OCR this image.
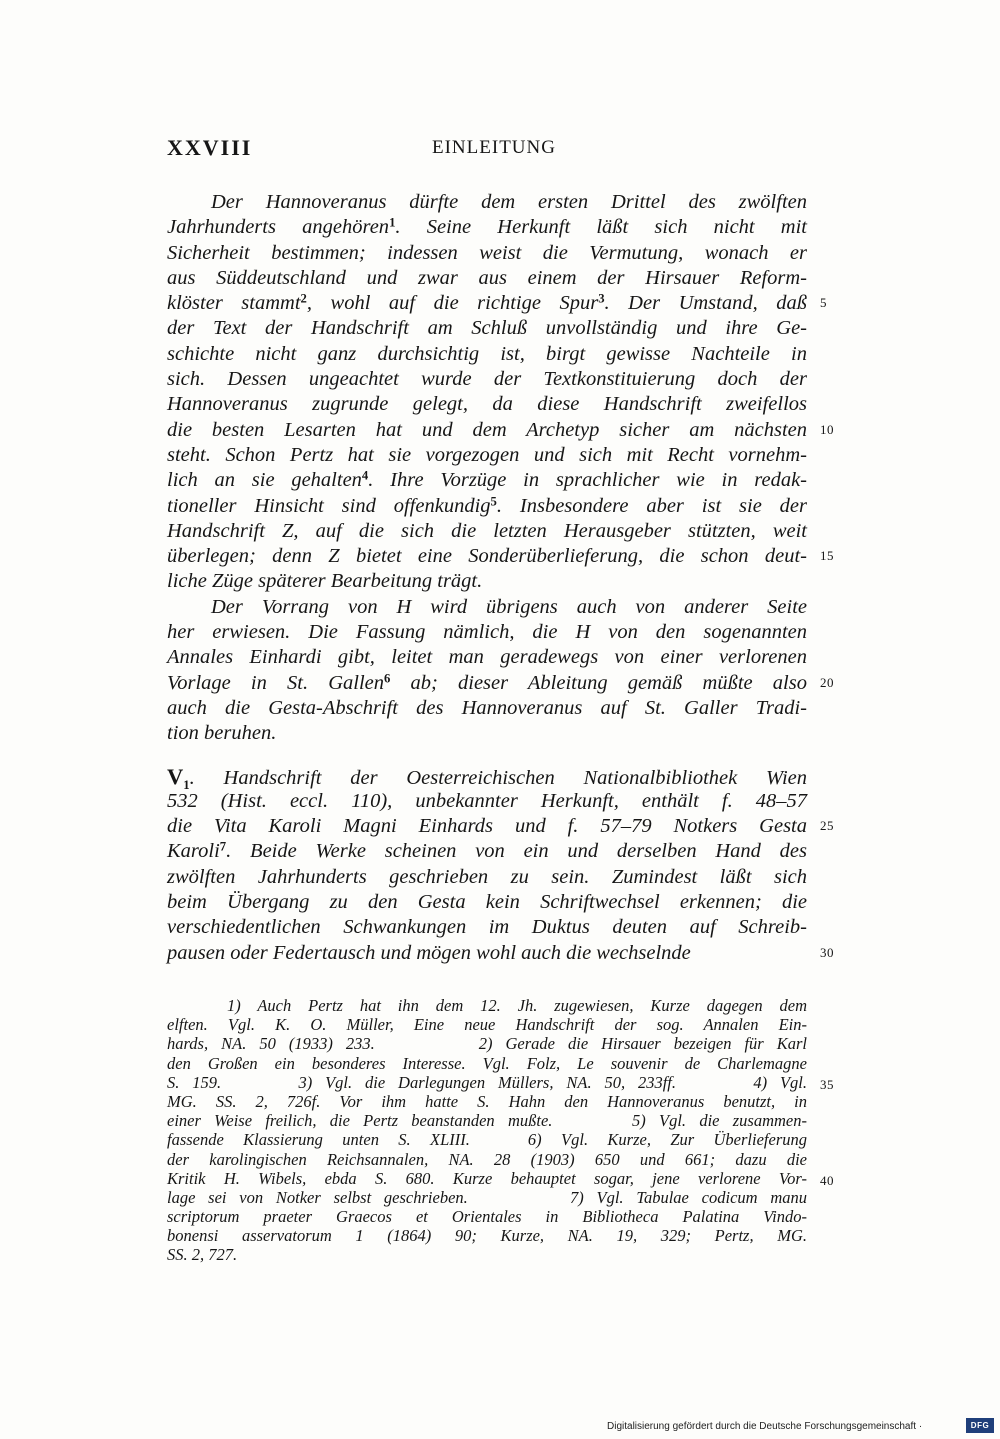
XXVIII	EINLEITUNG
Der Hannoveranus dürfte dem ersten Drittel des zwölften
Jahrhunderts angehören$^1$. Seine Herkunft läßt sich nicht mit
Sicherheit bestimmen; indessen weist die Vermutung, wonach er
aus Süddeutschland und zwar aus einem der Hirsauer Reform-
klöster stammt$^2$, wohl auf die richtige Spur$^3$. Der Umstand, daß
der Text der Handschrift am Schluß unvollständig und ihre Ge-
schichte nicht ganz durchsichtig ist, birgt gewisse Nachteile in
sich. Dessen ungeachtet wurde der Textkonstituierung doch der
Hannoveranus zugrunde gelegt, da diese Handschrift zweifellos
die besten Lesarten hat und dem Archetyp sicher am nächsten
steht. Schon Pertz hat sie vorgezogen und sich mit Recht vornehm-
lich an sie gehalten$^4$. Ihre Vorzüge in sprachlicher wie in redak-
tioneller Hinsicht sind offenkundig$^5$. Insbesondere aber ist sie der
Handschrift Z, auf die sich die letzten Herausgeber stützten, weit
überlegen; denn Z bietet eine Sonderüberlieferung, die schon deut-
liche Züge späterer Bearbeitung trägt.
Der Vorrang von H wird übrigens auch von anderer Seite
her erwiesen. Die Fassung nämlich, die H von den sogenannten
Annales Einhardi gibt, leitet man geradewegs von einer verlorenen
Vorlage in St. Gallen$^6$ ab; dieser Ableitung gemäß müßte also
auch die Gesta-Abschrift des Hannoveranus auf St. Galler Tradi-
tion beruhen.
$V_1$. Handschrift der Oesterreichischen Nationalbibliothek Wien
532 (Hist. eccl. 110), unbekannter Herkunft, enthält f. 48–57
die Vita Karoli Magni Einhards und f. 57–79 Notkers Gesta
Karoli$^7$. Beide Werke scheinen von ein und derselben Hand des
zwölften Jahrhunderts geschrieben zu sein. Zumindest läßt sich
beim Übergang zu den Gesta kein Schriftwechsel erkennen; die
verschiedentlichen Schwankungen im Duktus deuten auf Schreib-
pausen oder Federtausch und mögen wohl auch die wechselnde
1) Auch Pertz hat ihn dem 12. Jh. zugewiesen, Kurze dagegen dem
elften. Vgl. K. O. Müller, Eine neue Handschrift der sog. Annalen Ein-
hards, NA. 50 (1933) 233.        2) Gerade die Hirsauer bezeigen für Karl
den Großen ein besonderes Interesse. Vgl. Folz, Le souvenir de Charlemagne
S. 159.      3) Vgl. die Darlegungen Müllers, NA. 50, 233ff.      4) Vgl.
MG. SS. 2, 726f. Vor ihm hatte S. Hahn den Hannoveranus benutzt, in
einer Weise freilich, die Pertz beanstanden mußte.      5) Vgl. die zusammen-
fassende Klassierung unten S. XLIII.   6) Vgl. Kurze, Zur Überlieferung
der karolingischen Reichsannalen, NA. 28 (1903) 650 und 661; dazu die
Kritik H. Wibels, ebda S. 680. Kurze behauptet sogar, jene verlorene Vor-
lage sei von Notker selbst geschrieben.        7) Vgl. Tabulae codicum manu
scriptorum praeter Graecos et Orientales in Bibliotheca Palatina Vindo-
bonensi asservatorum 1 (1864) 90; Kurze, NA. 19, 329; Pertz, MG.
SS. 2, 727.
Digitalisierung gefördert durch die Deutsche Forschungsgemeinschaft ·	DFG
5
10
15
20
25
30
35
40
